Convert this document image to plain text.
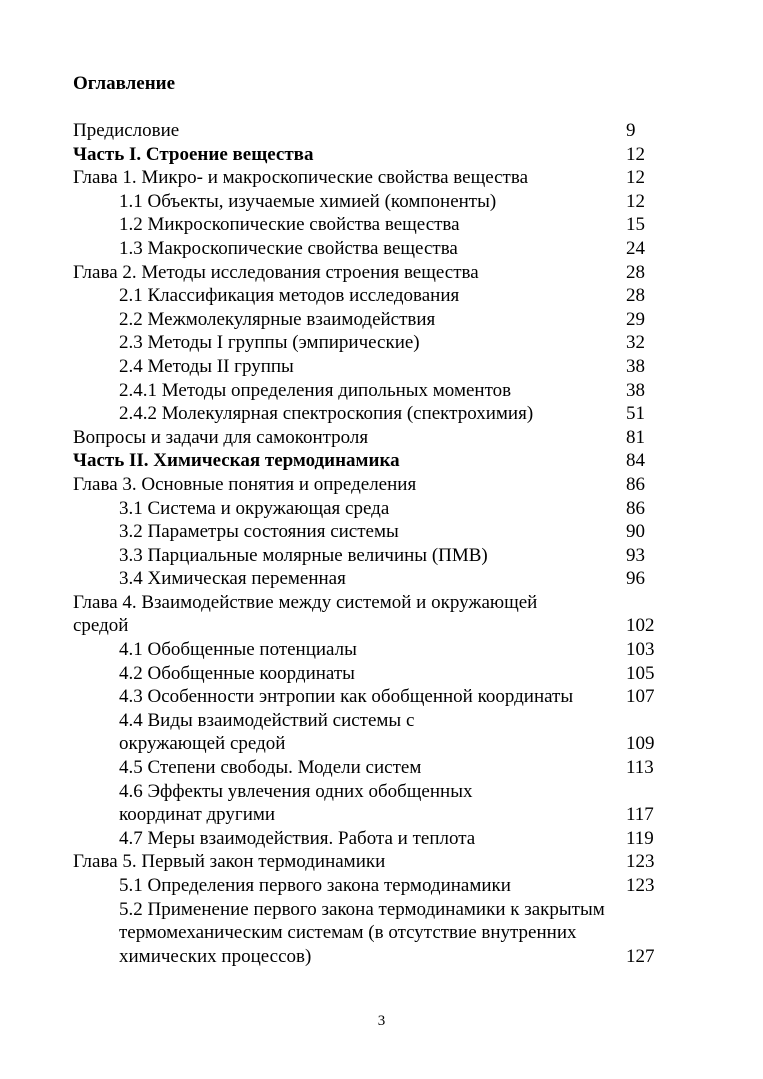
Оглавление
Предисловие	9
Часть I. Строение вещества	12
Глава 1. Микро- и макроскопические свойства вещества	12
1.1 Объекты, изучаемые химией (компоненты)	12
1.2 Микроскопические свойства вещества	15
1.3 Макроскопические свойства вещества	24
Глава 2. Методы исследования строения вещества	28
2.1 Классификация методов исследования	28
2.2 Межмолекулярные взаимодействия	29
2.3 Методы I группы (эмпирические)	32
2.4 Методы II группы	38
2.4.1 Методы определения дипольных моментов	38
2.4.2 Молекулярная спектроскопия (спектрохимия)	51
Вопросы и задачи для самоконтроля	81
Часть II. Химическая термодинамика	84
Глава 3. Основные понятия и определения	86
3.1 Система и окружающая среда	86
3.2 Параметры состояния системы	90
3.3 Парциальные молярные величины (ПМВ)	93
3.4 Химическая переменная	96
Глава 4. Взаимодействие между системой и окружающей
средой	102
4.1 Обобщенные потенциалы	103
4.2 Обобщенные координаты	105
4.3 Особенности энтропии как обобщенной координаты	107
4.4 Виды взаимодействий системы с
окружающей средой	109
4.5 Степени свободы. Модели систем	113
4.6 Эффекты увлечения одних обобщенных
координат другими	117
4.7 Меры взаимодействия. Работа и теплота	119
Глава 5. Первый закон термодинамики	123
5.1 Определения первого закона термодинамики	123
5.2 Применение первого закона термодинамики к закрытым
термомеханическим системам (в отсутствие внутренних
химических процессов)	127
3
